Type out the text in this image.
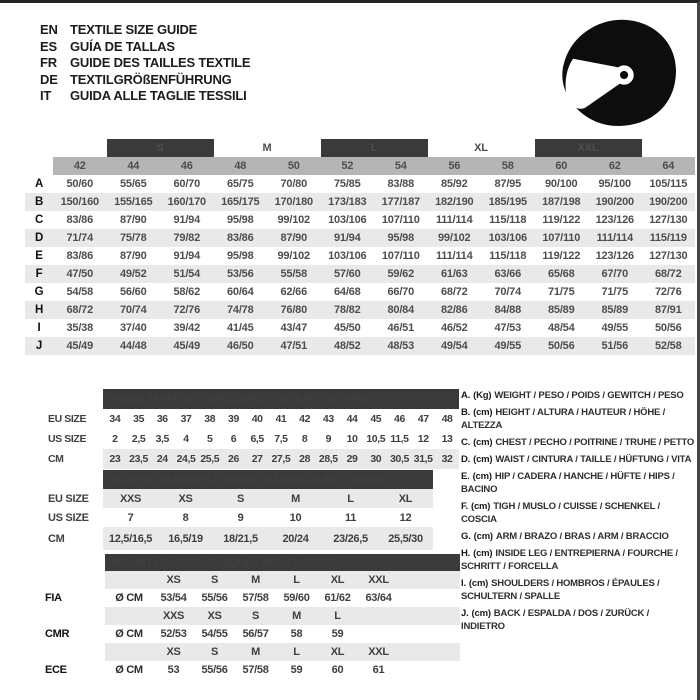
EN TEXTILE SIZE GUIDE
ES	GUÍA DE TALLAS
FR	GUIDE DES TAILLES TEXTILE
DE TEXTILGRÖßENFÜHRUNG
IT	GUIDA ALLE TAGLIE TESSILI
		S		M		L		XL		XXL		
	42	44	46	48	50	52	54	56	58	60	62	64
A	50/60	55/65	60/70	65/75	70/80	75/85	83/88	85/92	87/95	90/100	95/100	105/115
B	150/160	155/165	160/170	165/175	170/180	173/183	177/187	182/190	185/195	187/198	190/200	190/200
C	83/86	87/90	91/94	95/98	99/102	103/106	107/110	111/114	115/118	119/122	123/126	127/130
D	71/74	75/78	79/82	83/86	87/90	91/94	95/98	99/102	103/106	107/110	111/114	115/119
E	83/86	87/90	91/94	95/98	99/102	103/106	107/110	111/114	115/118	119/122	123/126	127/130
F	47/50	49/52	51/54	53/56	55/58	57/60	59/62	61/63	63/66	65/68	67/70	68/72
G	54/58	56/60	58/62	60/64	62/66	64/68	66/70	68/72	70/74	71/75	71/75	72/76
H	68/72	70/74	72/76	74/78	76/80	78/82	80/84	82/86	84/88	85/89	85/89	87/91
I	35/38	37/40	39/42	41/45	43/47	45/50	46/51	46/52	47/53	48/54	49/55	50/56
J	45/49	44/48	45/49	46/50	47/51	48/52	48/53	49/54	49/55	50/56	51/56	52/58
	SHOES/ ZAPATOS / CHAUSSURES / SCHUHE / SCARPE														
EU SIZE	34	35	36	37	38	39	40	41	42	43	44	45	46	47	48
US SIZE	2	2,5	3,5	4	5	6	6,5	7,5	8	9	10	10,5	11,5	12	13
CM	23	23,5	24	24,5	25,5	26	27	27,5	28	28,5	29	30	30,5	31,5	32
	GLOVES / GUANTES / GANTS / HANDSCHUHE / GUANTI					
EU SIZE	XXS	XS	S	M	L	XL
US SIZE	7	8	9	10	11	12
CM	12,5/16,5	16,5/19	18/21,5	20/24	23/26,5	25,5/30
	HELMET / CASCO / CASQUE / HELM / CASCO							
		XS	S	M	L	XL	XXL	
FIA	Ø CM	53/54	55/56	57/58	59/60	61/62	63/64	
		XXS	XS	S	M	L		
CMR	Ø CM	52/53	54/55	56/57	58	59		
		XS	S	M	L	XL	XXL	
ECE	Ø CM	53	55/56	57/58	59	60	61	
A. (Kg) WEIGHT / PESO / POIDS / GEWITCH / PESO
B. (cm) HEIGHT / ALTURA / HAUTEUR / HÖHE / ALTEZZA
C. (cm) CHEST / PECHO / POITRINE / TRUHE / PETTO
D. (cm) WAIST / CINTURA / TAILLE / HÜFTUNG / VITA
E. (cm) HIP / CADERA / HANCHE / HÜFTE / HIPS / BACINO
F. (cm) TIGH / MUSLO / CUISSE / SCHENKEL / COSCIA
G. (cm) ARM / BRAZO / BRAS / ARM / BRACCIO
H. (cm) INSIDE LEG / ENTREPIERNA / FOURCHE / SCHRITT / FORCELLA
I. (cm) SHOULDERS / HOMBROS / ÉPAULES / SCHULTERN / SPALLE
J. (cm) BACK / ESPALDA / DOS / ZURÜCK / INDIETRO
